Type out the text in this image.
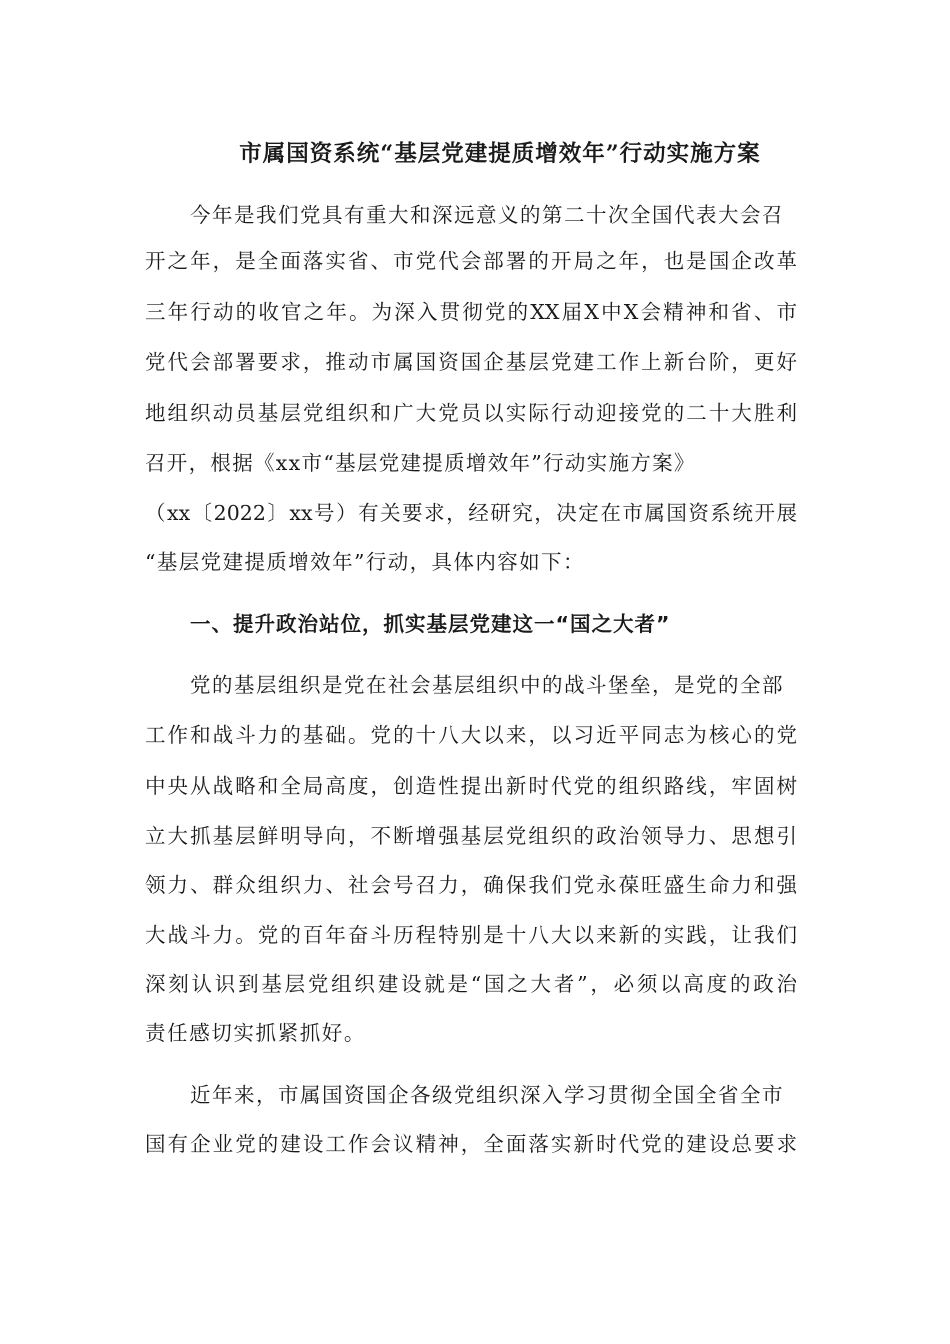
市属国资系统“基层党建提质增效年”行动实施方案
今年是我们党具有重大和深远意义的第二十次全国代表大会召
开之年，是全面落实省、市党代会部署的开局之年，也是国企改革
三年行动的收官之年。为深入贯彻党的XX届X中X会精神和省、市
党代会部署要求，推动市属国资国企基层党建工作上新台阶，更好
地组织动员基层党组织和广大党员以实际行动迎接党的二十大胜利
召开，根据《xx市“基层党建提质增效年”行动实施方案》
（xx〔2022〕xx号）有关要求，经研究，决定在市属国资系统开展
“基层党建提质增效年”行动，具体内容如下：
一、提升政治站位，抓实基层党建这一“国之大者”
党的基层组织是党在社会基层组织中的战斗堡垒，是党的全部
工作和战斗力的基础。党的十八大以来，以习近平同志为核心的党
中央从战略和全局高度，创造性提出新时代党的组织路线，牢固树
立大抓基层鲜明导向，不断增强基层党组织的政治领导力、思想引
领力、群众组织力、社会号召力，确保我们党永葆旺盛生命力和强
大战斗力。党的百年奋斗历程特别是十八大以来新的实践，让我们
深刻认识到基层党组织建设就是“国之大者”，必须以高度的政治
责任感切实抓紧抓好。
近年来，市属国资国企各级党组织深入学习贯彻全国全省全市
国有企业党的建设工作会议精神，全面落实新时代党的建设总要求
